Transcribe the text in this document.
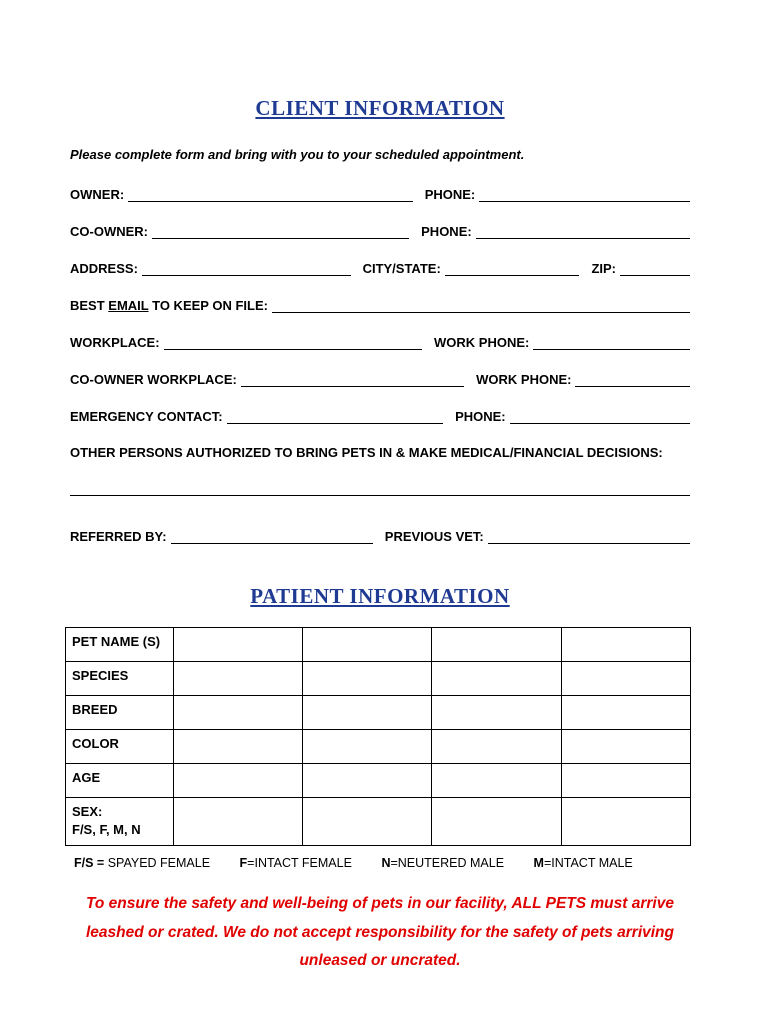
CLIENT INFORMATION

Please complete form and bring with you to your scheduled appointment.

OWNER:	PHONE:
CO-OWNER:	PHONE:
ADDRESS:	CITY/STATE:	ZIP:
BEST EMAIL TO KEEP ON FILE:
WORKPLACE:	WORK PHONE:
CO-OWNER WORKPLACE:	WORK PHONE:
EMERGENCY CONTACT:	PHONE:
OTHER PERSONS AUTHORIZED TO BRING PETS IN & MAKE MEDICAL/FINANCIAL DECISIONS:
REFERRED BY:	PREVIOUS VET:
PATIENT INFORMATION
PET NAME (S)				
SPECIES				
BREED				
COLOR				
AGE				

SEX:
F/S, F, M, N				

F/S = SPAYED FEMALE F=INTACT FEMALE N=NEUTERED MALE M=INTACT MALE
To ensure the safety and well-being of pets in our facility, ALL PETS must arrive
leashed or crated. We do not accept responsibility for the safety of pets arriving
unleased or uncrated.
